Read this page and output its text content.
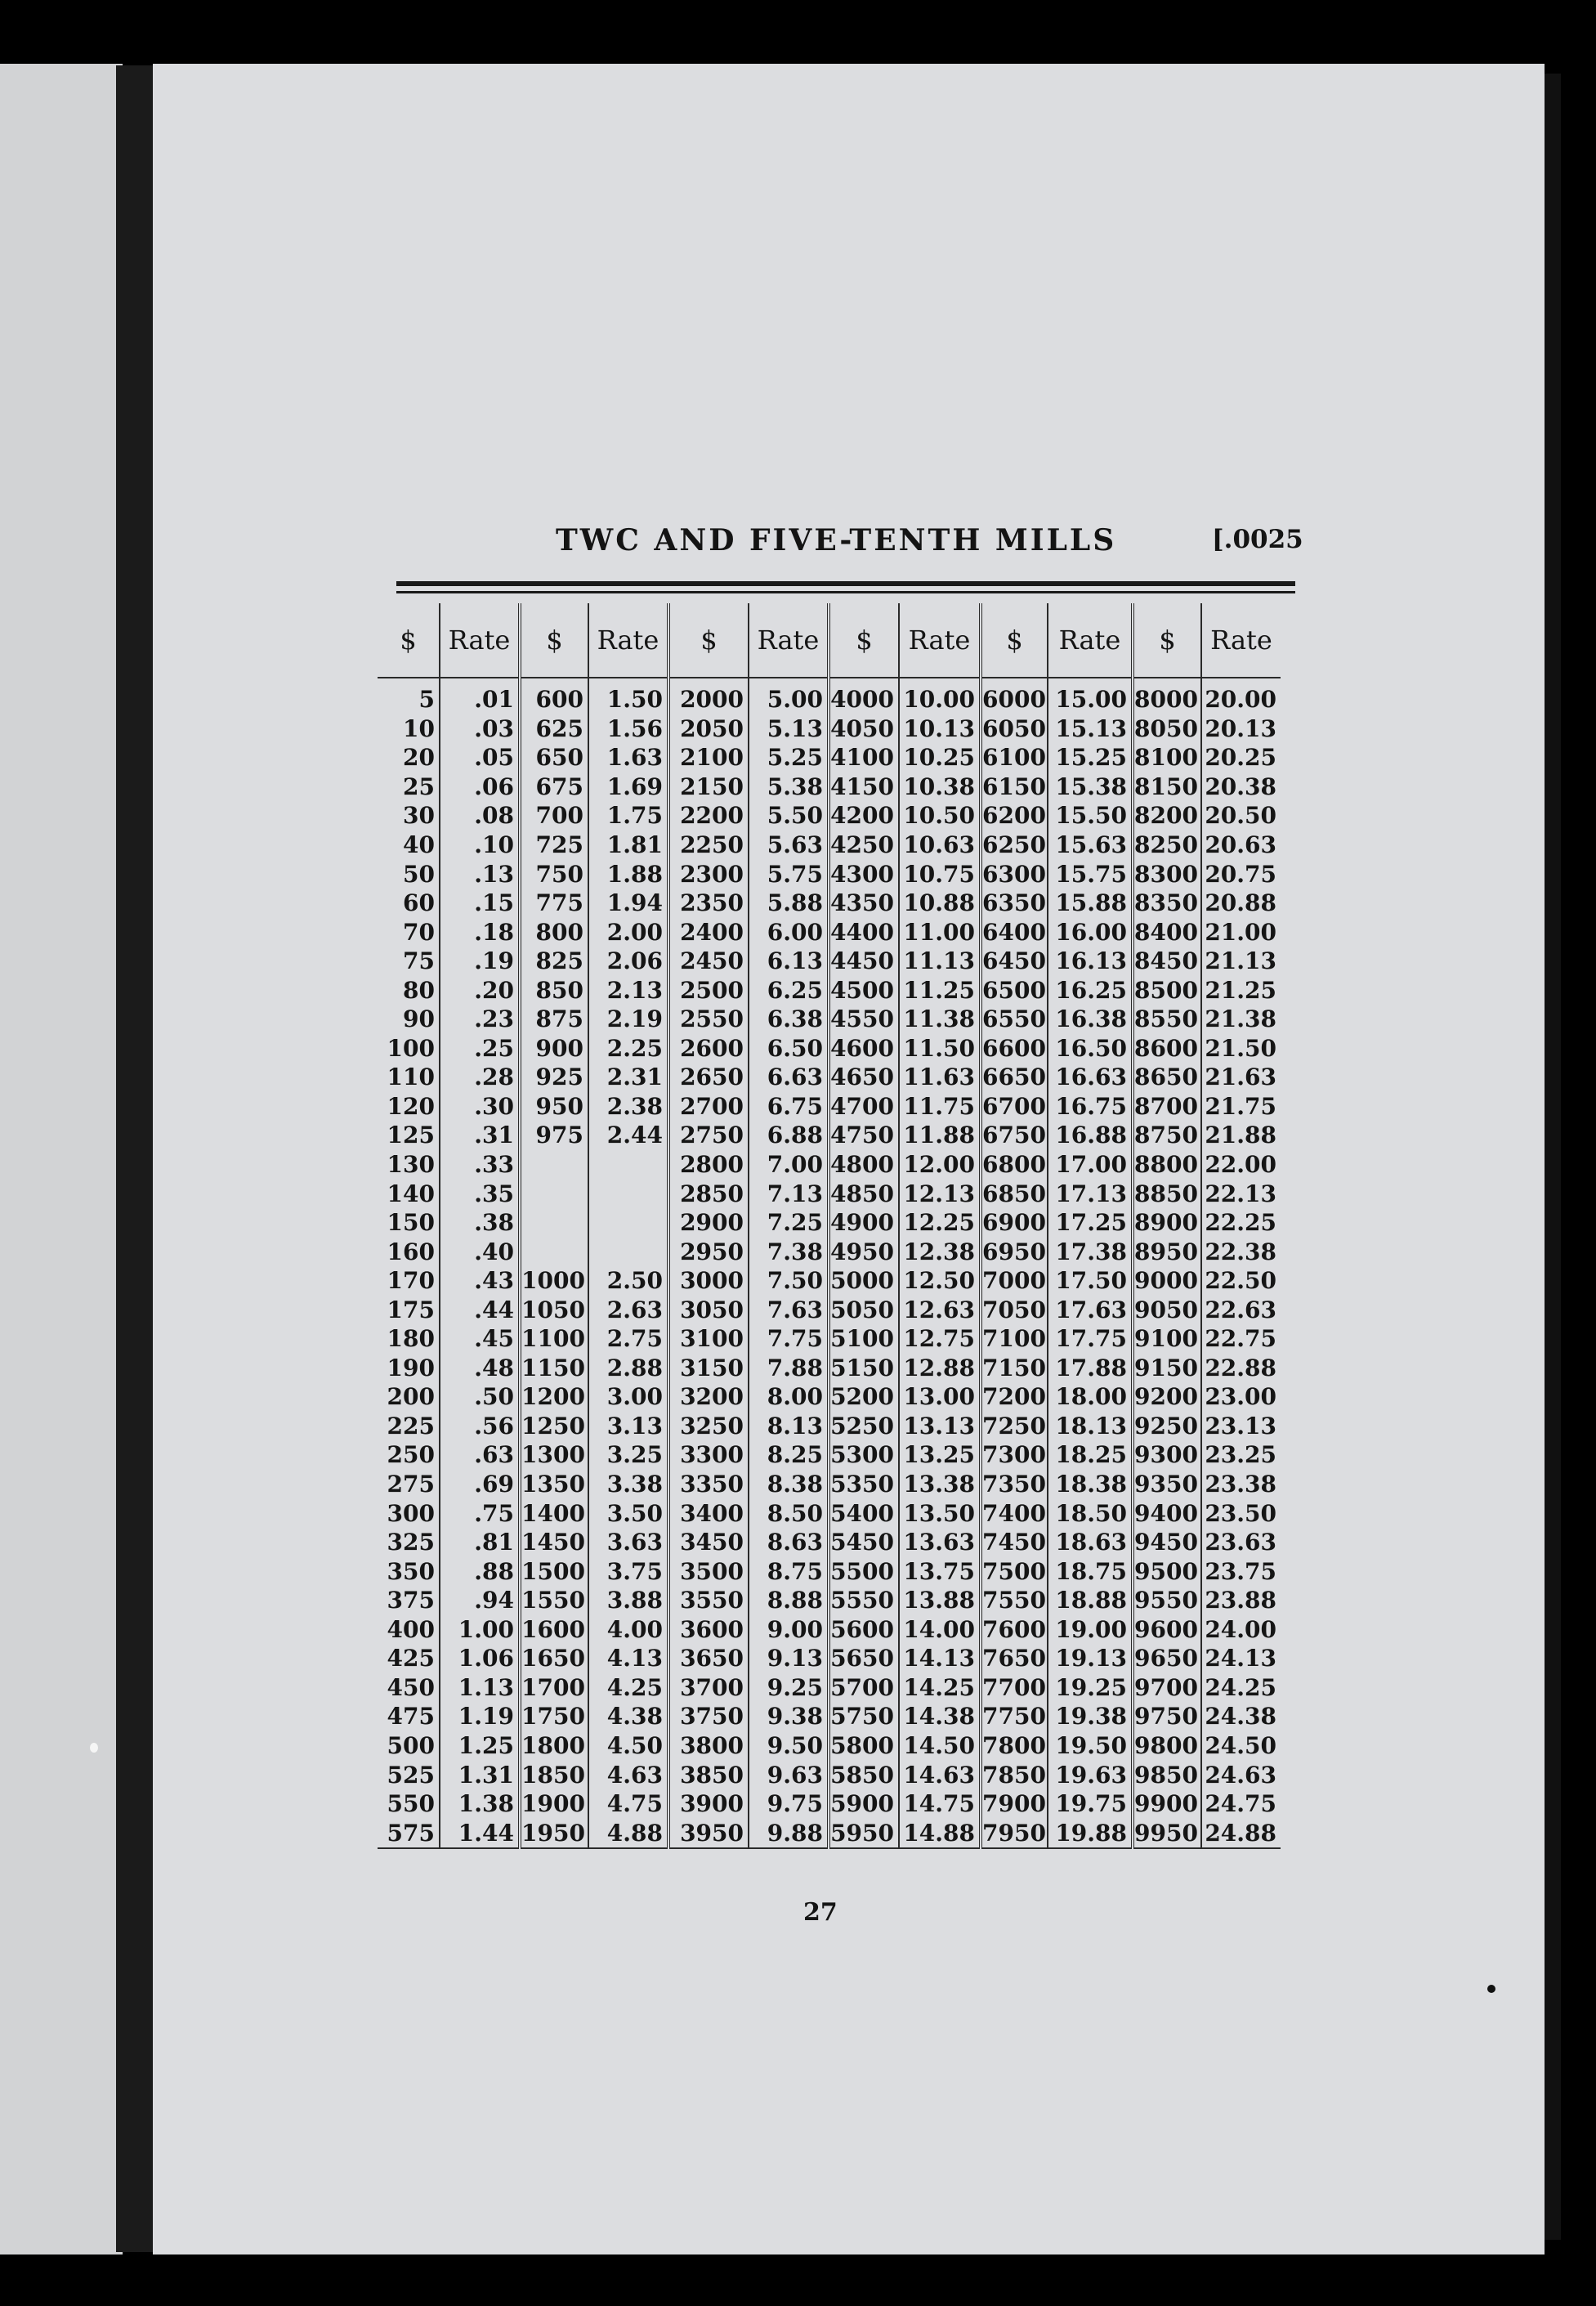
TWC AND FIVE-TENTH MILLS	[.0025
$	Rate	$	Rate	$	Rate	$	Rate	$	Rate	$	Rate
5	.01	600	1.50	2000	5.00	4000	10.00	6000	15.00	8000	20.00
10	.03	625	1.56	2050	5.13	4050	10.13	6050	15.13	8050	20.13
20	.05	650	1.63	2100	5.25	4100	10.25	6100	15.25	8100	20.25
25	.06	675	1.69	2150	5.38	4150	10.38	6150	15.38	8150	20.38
30	.08	700	1.75	2200	5.50	4200	10.50	6200	15.50	8200	20.50
40	.10	725	1.81	2250	5.63	4250	10.63	6250	15.63	8250	20.63
50	.13	750	1.88	2300	5.75	4300	10.75	6300	15.75	8300	20.75
60	.15	775	1.94	2350	5.88	4350	10.88	6350	15.88	8350	20.88
70	.18	800	2.00	2400	6.00	4400	11.00	6400	16.00	8400	21.00
75	.19	825	2.06	2450	6.13	4450	11.13	6450	16.13	8450	21.13
80	.20	850	2.13	2500	6.25	4500	11.25	6500	16.25	8500	21.25
90	.23	875	2.19	2550	6.38	4550	11.38	6550	16.38	8550	21.38
100	.25	900	2.25	2600	6.50	4600	11.50	6600	16.50	8600	21.50
110	.28	925	2.31	2650	6.63	4650	11.63	6650	16.63	8650	21.63
120	.30	950	2.38	2700	6.75	4700	11.75	6700	16.75	8700	21.75
125	.31	975	2.44	2750	6.88	4750	11.88	6750	16.88	8750	21.88
130	.33			2800	7.00	4800	12.00	6800	17.00	8800	22.00
140	.35			2850	7.13	4850	12.13	6850	17.13	8850	22.13
150	.38			2900	7.25	4900	12.25	6900	17.25	8900	22.25
160	.40			2950	7.38	4950	12.38	6950	17.38	8950	22.38
170	.43	1000	2.50	3000	7.50	5000	12.50	7000	17.50	9000	22.50
175	.44	1050	2.63	3050	7.63	5050	12.63	7050	17.63	9050	22.63
180	.45	1100	2.75	3100	7.75	5100	12.75	7100	17.75	9100	22.75
190	.48	1150	2.88	3150	7.88	5150	12.88	7150	17.88	9150	22.88
200	.50	1200	3.00	3200	8.00	5200	13.00	7200	18.00	9200	23.00
225	.56	1250	3.13	3250	8.13	5250	13.13	7250	18.13	9250	23.13
250	.63	1300	3.25	3300	8.25	5300	13.25	7300	18.25	9300	23.25
275	.69	1350	3.38	3350	8.38	5350	13.38	7350	18.38	9350	23.38
300	.75	1400	3.50	3400	8.50	5400	13.50	7400	18.50	9400	23.50
325	.81	1450	3.63	3450	8.63	5450	13.63	7450	18.63	9450	23.63
350	.88	1500	3.75	3500	8.75	5500	13.75	7500	18.75	9500	23.75
375	.94	1550	3.88	3550	8.88	5550	13.88	7550	18.88	9550	23.88
400	1.00	1600	4.00	3600	9.00	5600	14.00	7600	19.00	9600	24.00
425	1.06	1650	4.13	3650	9.13	5650	14.13	7650	19.13	9650	24.13
450	1.13	1700	4.25	3700	9.25	5700	14.25	7700	19.25	9700	24.25
475	1.19	1750	4.38	3750	9.38	5750	14.38	7750	19.38	9750	24.38
500	1.25	1800	4.50	3800	9.50	5800	14.50	7800	19.50	9800	24.50
525	1.31	1850	4.63	3850	9.63	5850	14.63	7850	19.63	9850	24.63
550	1.38	1900	4.75	3900	9.75	5900	14.75	7900	19.75	9900	24.75
575	1.44	1950	4.88	3950	9.88	5950	14.88	7950	19.88	9950	24.88
27
